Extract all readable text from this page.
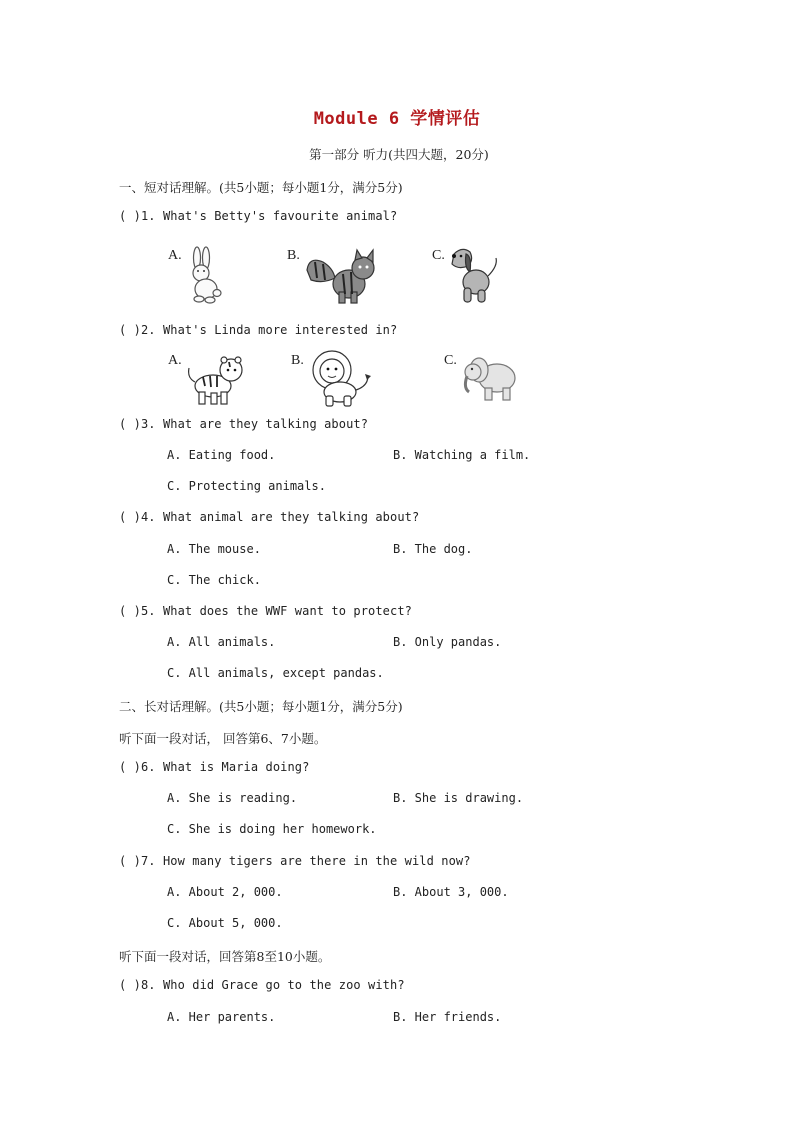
Module 6 学情评估
第一部分 听力(共四大题，20分)
一、短对话理解。(共5小题；每小题1分，满分5分)
( )1. What's Betty's favourite animal?
A.	B.	C.
( )2. What's Linda more interested in?
A.	B.	C.
( )3. What are they talking about?
A. Eating food.	B. Watching a film.
C. Protecting animals.
( )4. What animal are they talking about?
A. The mouse.	B. The dog.
C. The chick.
( )5. What does the WWF want to protect?
A. All animals.	B. Only pandas.
C. All animals, except pandas.
二、长对话理解。(共5小题；每小题1分，满分5分)
听下面一段对话， 回答第6、7小题。
( )6. What is Maria doing?
A. She is reading.	B. She is drawing.
C. She is doing her homework.
( )7. How many tigers are there in the wild now?
A. About 2, 000.	B. About 3, 000.
C. About 5, 000.
听下面一段对话，回答第8至10小题。
( )8. Who did Grace go to the zoo with?
A. Her parents.	B. Her friends.
